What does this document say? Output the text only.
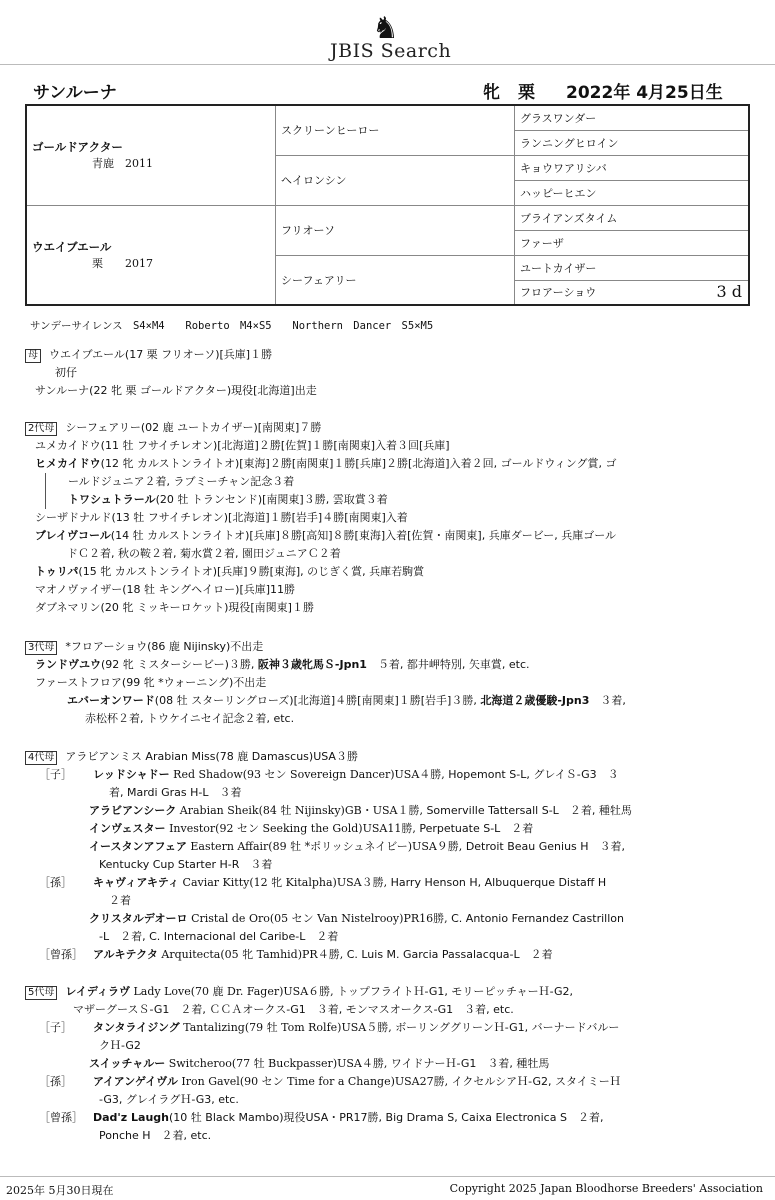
♞
JBIS Search
サンルーナ	牝 栗 2022年 4月25日生
ゴールドアクター
青鹿　 2011	スクリーンヒーロー	グラスワンダー
		ランニングヒロイン
	ヘイロンシン	キョウワアリシバ
		ハッピーヒエン

ウエイブエール
栗　　 2017	フリオーソ	ブライアンズタイム
		ファーザ
	シーフェアリー	ユートカイザー
		フロアーショウ 3 d
サンデーサイレンス S4×M4　 Roberto M4×S5　 Northern Dancer S5×M5
母 ウエイブエール(17 栗 フリオーソ)[兵庫]１勝
初仔
サンルーナ(22 牝 栗 ゴールドアクター)現役[北海道]出走
2代母 シーフェアリー(02 鹿 ユートカイザー)[南関東]７勝
ユメカイドウ(11 牡 フサイチレオン)[北海道]２勝[佐賀]１勝[南関東]入着３回[兵庫]
ヒメカイドウ(12 牝 カルストンライトオ)[東海]２勝[南関東]１勝[兵庫]２勝[北海道]入着２回, ゴールドウィング賞, ゴ
ールドジュニア２着, ラブミーチャン記念３着
トワシュトラール(20 牡 トランセンド)[南関東]３勝, 雲取賞３着
シーザドナルド(13 牡 フサイチレオン)[北海道]１勝[岩手]４勝[南関東]入着
ブレイヴコール(14 牡 カルストンライトオ)[兵庫]８勝[高知]８勝[東海]入着[佐賀・南関東], 兵庫ダービー, 兵庫ゴール
ドＣ２着, 秋の鞍２着, 菊水賞２着, 園田ジュニアＣ２着
トゥリパ(15 牝 カルストンライトオ)[兵庫]９勝[東海], のじぎく賞, 兵庫若駒賞
マオノヴァイザー(18 牡 キングヘイロー)[兵庫]11勝
ダブネマリン(20 牝 ミッキーロケット)現役[南関東]１勝
3代母 *フロアーショウ(86 鹿 Nijinsky)不出走
ランドヴユウ(92 牝 ミスターシービー)３勝, 阪神３歳牝馬Ｓ-Jpn1　 ５着, 都井岬特別, 矢車賞, etc.
ファーストフロア(99 牝 *ウォーニング)不出走
エバーオンワード(08 牡 スターリングローズ)[北海道]４勝[南関東]１勝[岩手]３勝, 北海道２歳優駿-Jpn3　 ３着,
赤松杯２着, トウケイニセイ記念２着, etc.
4代母 アラビアンミス Arabian Miss(78 鹿 Damascus)USA３勝
［子］ レッドシャドー Red Shadow(93 セン Sovereign Dancer)USA４勝, Hopemont S-L, グレイＳ-G3　 ３
着, Mardi Gras H-L　 ３着
アラビアンシーク Arabian Sheik(84 牡 Nijinsky)GB・USA１勝, Somerville Tattersall S-L　 ２着, 種牡馬
インヴェスター Investor(92 セン Seeking the Gold)USA11勝, Perpetuate S-L　 ２着
イースタンアフェア Eastern Affair(89 牡 *ポリッシュネイビー)USA９勝, Detroit Beau Genius H　 ３着,
Kentucky Cup Starter H-R　 ３着
［孫］ キャヴィアキティ Caviar Kitty(12 牝 Kitalpha)USA３勝, Harry Henson H, Albuquerque Distaff H
２着
クリスタルデオーロ Cristal de Oro(05 セン Van Nistelrooy)PR16勝, C. Antonio Fernandez Castrillon
-L　 ２着, C. Internacional del Caribe-L　 ２着
［曾孫］ アルキテクタ Arquitecta(05 牝 Tamhid)PR４勝, C. Luis M. Garcia Passalacqua-L　 ２着
5代母 レイディラヴ Lady Love(70 鹿 Dr. Fager)USA６勝, トップフライトＨ-G1, モリーピッチャーＨ-G2,
マザーグースＳ-G1　 ２着, ＣＣＡオークス-G1　 ３着, モンマスオークス-G1　 ３着, etc.
［子］ タンタライジング Tantalizing(79 牡 Tom Rolfe)USA５勝, ボーリンググリーンＨ-G1, バーナードバルー
クＨ-G2
スイッチャルー Switcheroo(77 牡 Buckpasser)USA４勝, ワイドナーＨ-G1　 ３着, 種牡馬
［孫］ アイアンゲイヴル Iron Gavel(90 セン Time for a Change)USA27勝, イクセルシアＨ-G2, スタイミーＨ
-G3, グレイラグＨ-G3, etc.
［曾孫］ Dad'z Laugh(10 牡 Black Mambo)現役USA・PR17勝, Big Drama S, Caixa Electronica S　 ２着,
Ponche H　 ２着, etc.
2025年 5月30日現在	Copyright 2025 Japan Bloodhorse Breeders' Association
